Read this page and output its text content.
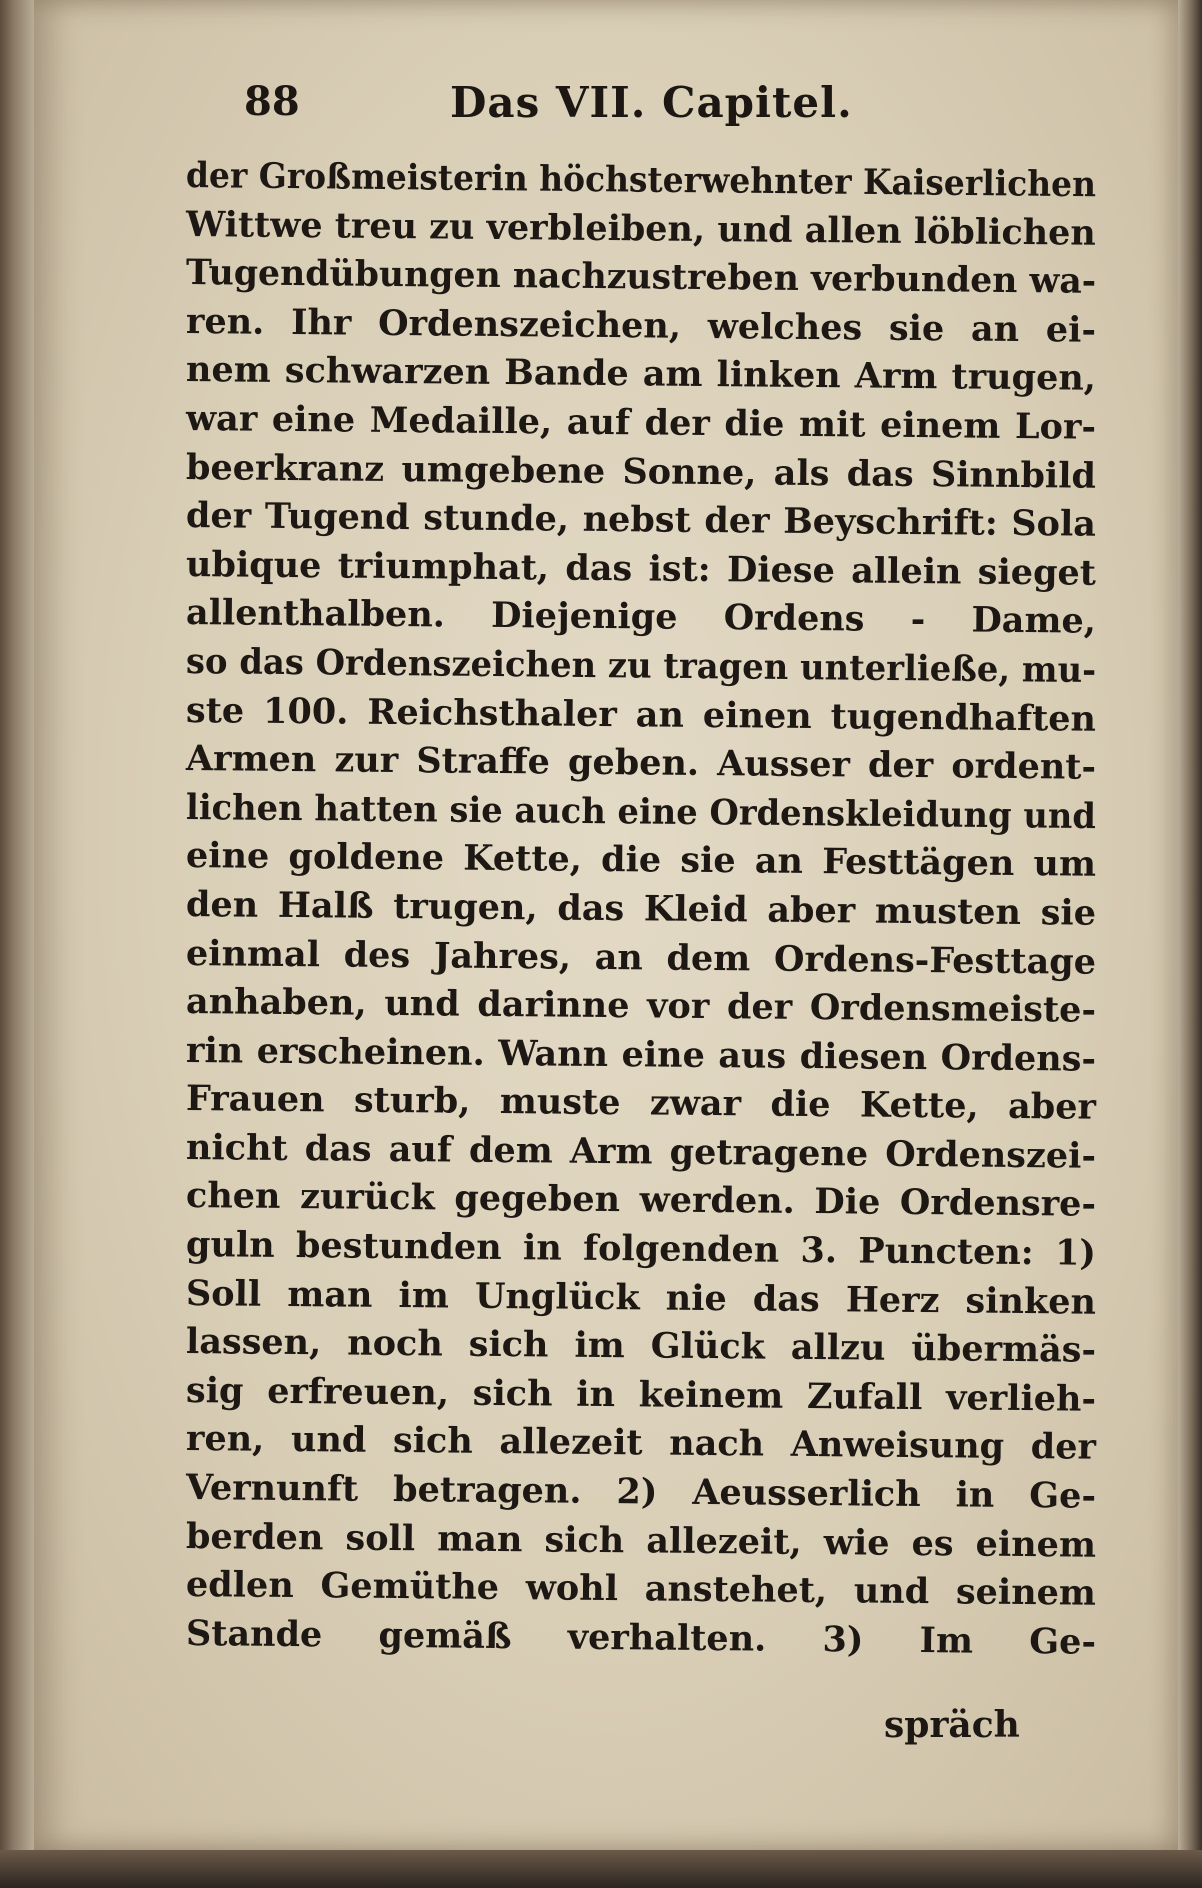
88	Das VII. Capitel.
der Großmeisterin höchsterwehnter Kaiserlichen
Wittwe treu zu verbleiben, und allen löblichen
Tugendübungen nachzustreben verbunden wa-
ren. Ihr Ordenszeichen, welches sie an ei-
nem schwarzen Bande am linken Arm trugen,
war eine Medaille, auf der die mit einem Lor-
beerkranz umgebene Sonne, als das Sinnbild
der Tugend stunde, nebst der Beyschrift: Sola
ubique triumphat, das ist: Diese allein sieget
allenthalben. Diejenige Ordens - Dame,
so das Ordenszeichen zu tragen unterließe, mu-
ste 100. Reichsthaler an einen tugendhaften
Armen zur Straffe geben. Ausser der ordent-
lichen hatten sie auch eine Ordenskleidung und
eine goldene Kette, die sie an Festtägen um
den Halß trugen, das Kleid aber musten sie
einmal des Jahres, an dem Ordens-Festtage
anhaben, und darinne vor der Ordensmeiste-
rin erscheinen. Wann eine aus diesen Ordens-
Frauen sturb, muste zwar die Kette, aber
nicht das auf dem Arm getragene Ordenszei-
chen zurück gegeben werden. Die Ordensre-
guln bestunden in folgenden 3. Puncten: 1)
Soll man im Unglück nie das Herz sinken
lassen, noch sich im Glück allzu übermäs-
sig erfreuen, sich in keinem Zufall verlieh-
ren, und sich allezeit nach Anweisung der
Vernunft betragen. 2) Aeusserlich in Ge-
berden soll man sich allezeit, wie es einem
edlen Gemüthe wohl anstehet, und seinem
Stande gemäß verhalten. 3) Im Ge-
spräch
